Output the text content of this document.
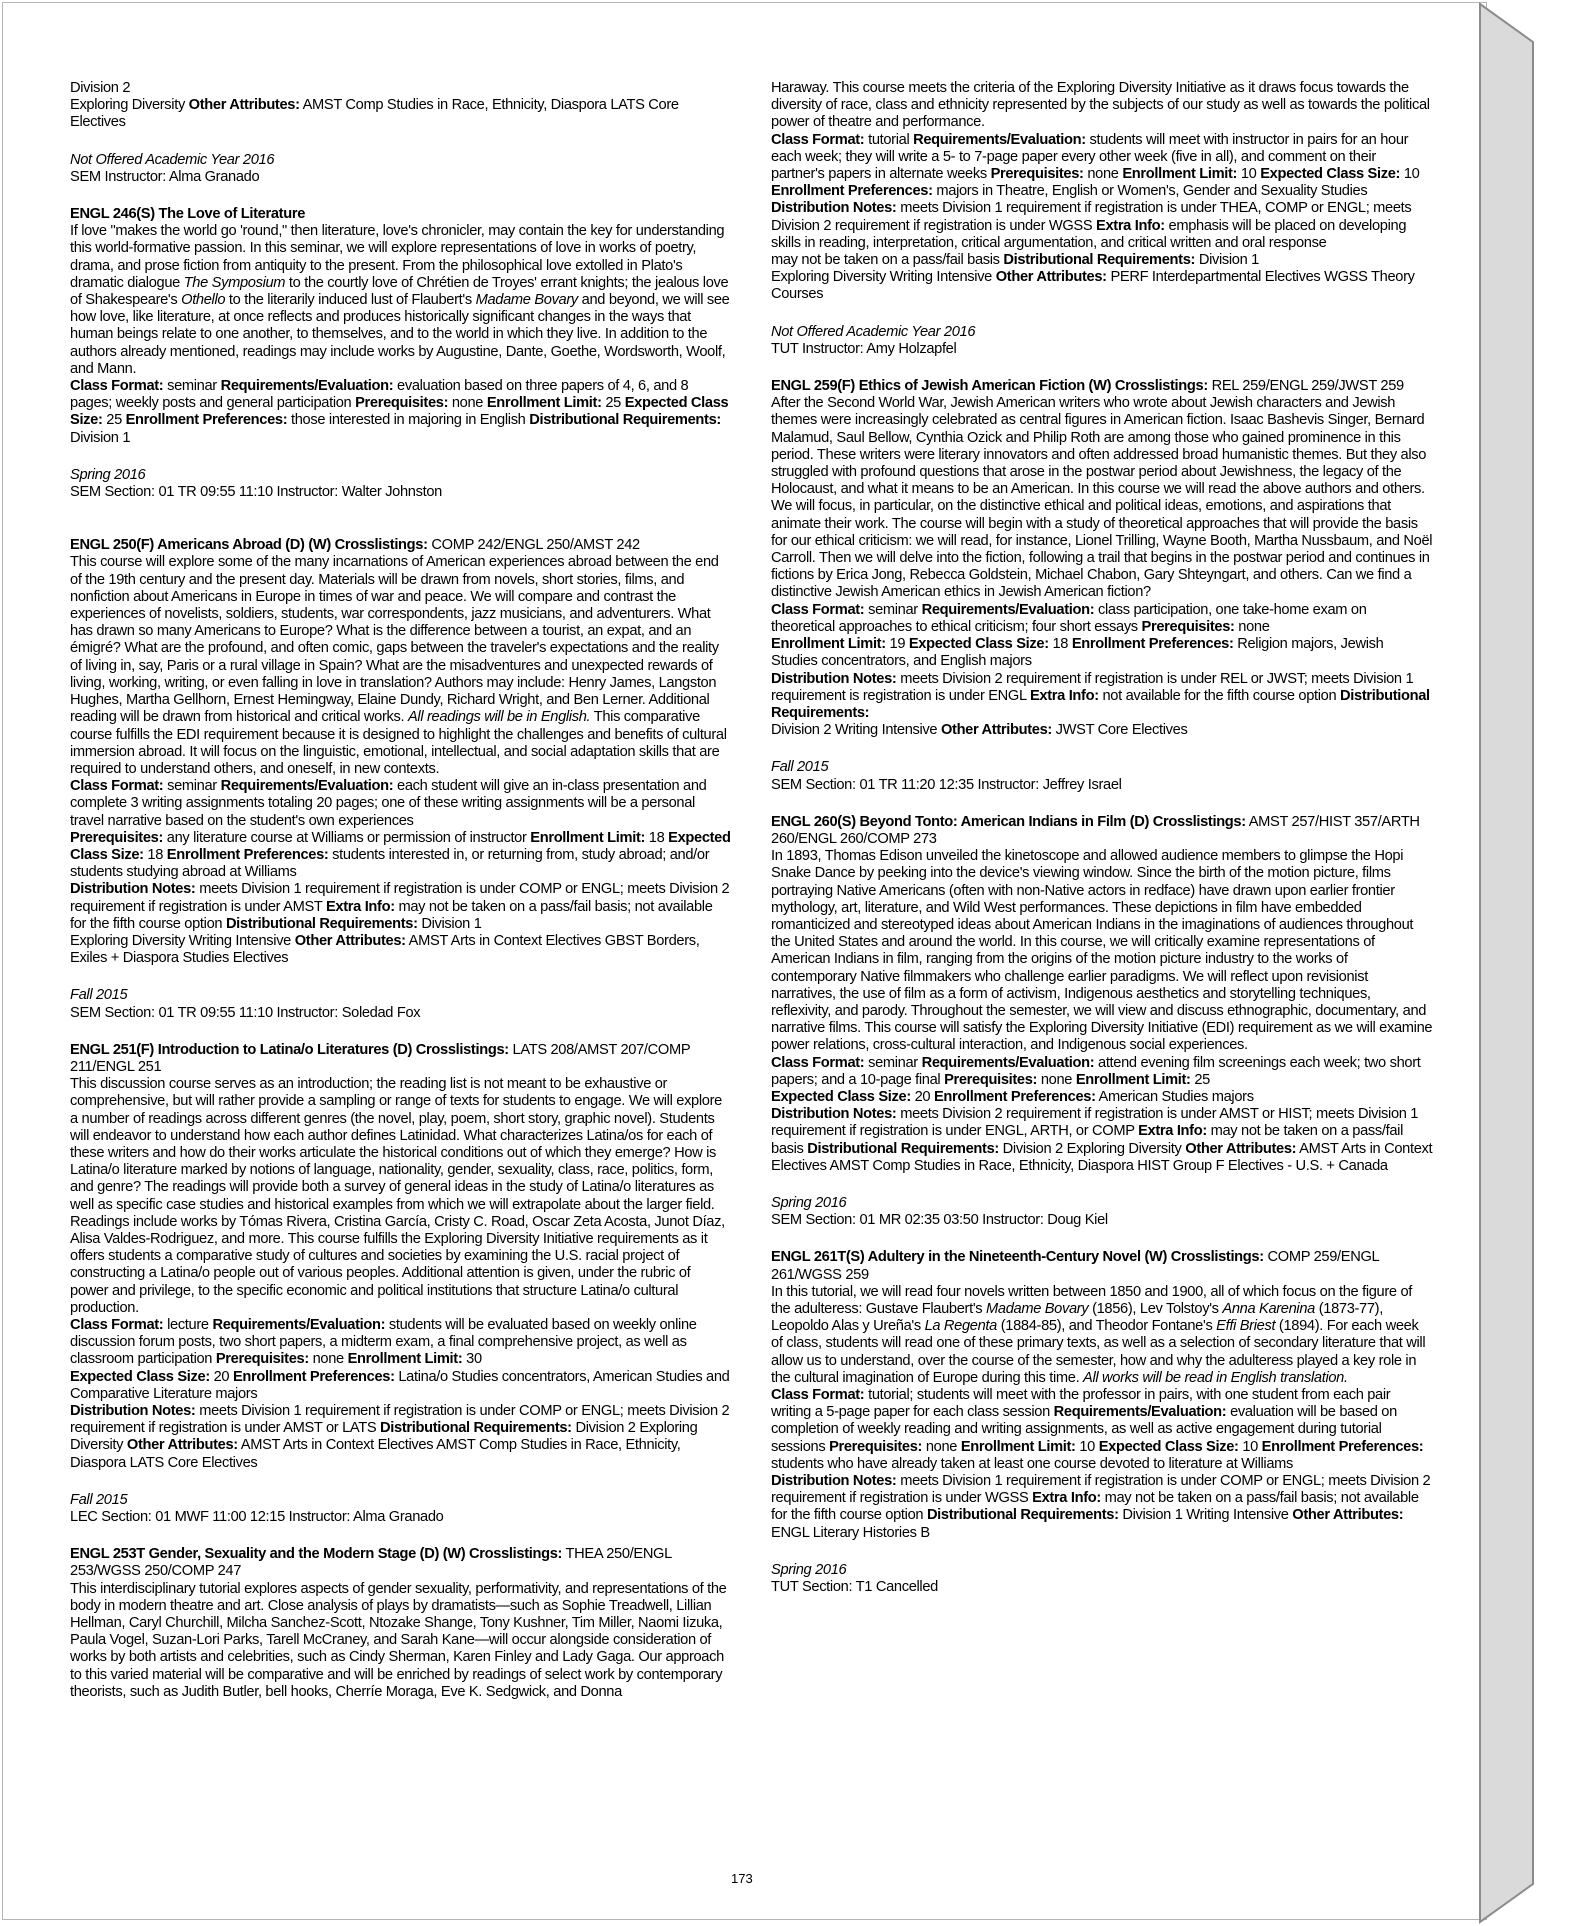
Division 2
Exploring Diversity Other Attributes: AMST Comp Studies in Race, Ethnicity, Diaspora LATS Core Electives
Not Offered Academic Year 2016
SEM Instructor: Alma Granado
ENGL 246(S) The Love of Literature
If love "makes the world go 'round," then literature, love's chronicler, may contain the key for understanding this world-formative passion. In this seminar, we will explore representations of love in works of poetry, drama, and prose fiction from antiquity to the present. From the philosophical love extolled in Plato's dramatic dialogue The Symposium to the courtly love of Chrétien de Troyes' errant knights; the jealous love of Shakespeare's Othello to the literarily induced lust of Flaubert's Madame Bovary and beyond, we will see how love, like literature, at once reflects and produces historically significant changes in the ways that human beings relate to one another, to themselves, and to the world in which they live. In addition to the authors already mentioned, readings may include works by Augustine, Dante, Goethe, Wordsworth, Woolf, and Mann.
Class Format: seminar Requirements/Evaluation: evaluation based on three papers of 4, 6, and 8 pages; weekly posts and general participation Prerequisites: none Enrollment Limit: 25 Expected Class Size: 25 Enrollment Preferences: those interested in majoring in English Distributional Requirements: Division 1
Spring 2016
SEM Section: 01 TR 09:55 11:10 Instructor: Walter Johnston
ENGL 250(F) Americans Abroad (D) (W) Crosslistings: COMP 242/ENGL 250/AMST 242
This course will explore some of the many incarnations of American experiences abroad between the end of the 19th century and the present day. Materials will be drawn from novels, short stories, films, and nonfiction about Americans in Europe in times of war and peace. We will compare and contrast the experiences of novelists, soldiers, students, war correspondents, jazz musicians, and adventurers. What has drawn so many Americans to Europe? What is the difference between a tourist, an expat, and an émigré? What are the profound, and often comic, gaps between the traveler's expectations and the reality of living in, say, Paris or a rural village in Spain? What are the misadventures and unexpected rewards of living, working, writing, or even falling in love in translation? Authors may include: Henry James, Langston Hughes, Martha Gellhorn, Ernest Hemingway, Elaine Dundy, Richard Wright, and Ben Lerner. Additional reading will be drawn from historical and critical works. All readings will be in English. This comparative course fulfills the EDI requirement because it is designed to highlight the challenges and benefits of cultural immersion abroad. It will focus on the linguistic, emotional, intellectual, and social adaptation skills that are required to understand others, and oneself, in new contexts.
Class Format: seminar Requirements/Evaluation: each student will give an in-class presentation and complete 3 writing assignments totaling 20 pages; one of these writing assignments will be a personal travel narrative based on the student's own experiences
Prerequisites: any literature course at Williams or permission of instructor Enrollment Limit: 18 Expected Class Size: 18 Enrollment Preferences: students interested in, or returning from, study abroad; and/or students studying abroad at Williams
Distribution Notes: meets Division 1 requirement if registration is under COMP or ENGL; meets Division 2 requirement if registration is under AMST Extra Info: may not be taken on a pass/fail basis; not available for the fifth course option Distributional Requirements: Division 1
Exploring Diversity Writing Intensive Other Attributes: AMST Arts in Context Electives GBST Borders, Exiles + Diaspora Studies Electives
Fall 2015
SEM Section: 01 TR 09:55 11:10 Instructor: Soledad Fox
ENGL 251(F) Introduction to Latina/o Literatures (D) Crosslistings: LATS 208/AMST 207/COMP 211/ENGL 251
This discussion course serves as an introduction; the reading list is not meant to be exhaustive or comprehensive, but will rather provide a sampling or range of texts for students to engage. We will explore a number of readings across different genres (the novel, play, poem, short story, graphic novel). Students will endeavor to understand how each author defines Latinidad. What characterizes Latina/os for each of these writers and how do their works articulate the historical conditions out of which they emerge? How is Latina/o literature marked by notions of language, nationality, gender, sexuality, class, race, politics, form, and genre? The readings will provide both a survey of general ideas in the study of Latina/o literatures as well as specific case studies and historical examples from which we will extrapolate about the larger field. Readings include works by Tómas Rivera, Cristina García, Cristy C. Road, Oscar Zeta Acosta, Junot Díaz, Alisa Valdes-Rodriguez, and more. This course fulfills the Exploring Diversity Initiative requirements as it offers students a comparative study of cultures and societies by examining the U.S. racial project of constructing a Latina/o people out of various peoples. Additional attention is given, under the rubric of power and privilege, to the specific economic and political institutions that structure Latina/o cultural production.
Class Format: lecture Requirements/Evaluation: students will be evaluated based on weekly online discussion forum posts, two short papers, a midterm exam, a final comprehensive project, as well as classroom participation Prerequisites: none Enrollment Limit: 30
Expected Class Size: 20 Enrollment Preferences: Latina/o Studies concentrators, American Studies and Comparative Literature majors
Distribution Notes: meets Division 1 requirement if registration is under COMP or ENGL; meets Division 2 requirement if registration is under AMST or LATS Distributional Requirements: Division 2 Exploring Diversity Other Attributes: AMST Arts in Context Electives AMST Comp Studies in Race, Ethnicity, Diaspora LATS Core Electives
Fall 2015
LEC Section: 01 MWF 11:00 12:15 Instructor: Alma Granado
ENGL 253T Gender, Sexuality and the Modern Stage (D) (W) Crosslistings: THEA 250/ENGL 253/WGSS 250/COMP 247
This interdisciplinary tutorial explores aspects of gender sexuality, performativity, and representations of the body in modern theatre and art. Close analysis of plays by dramatists—such as Sophie Treadwell, Lillian Hellman, Caryl Churchill, Milcha Sanchez-Scott, Ntozake Shange, Tony Kushner, Tim Miller, Naomi Iizuka, Paula Vogel, Suzan-Lori Parks, Tarell McCraney, and Sarah Kane—will occur alongside consideration of works by both artists and celebrities, such as Cindy Sherman, Karen Finley and Lady Gaga. Our approach to this varied material will be comparative and will be enriched by readings of select work by contemporary theorists, such as Judith Butler, bell hooks, Cherríe Moraga, Eve K. Sedgwick, and Donna
Haraway. This course meets the criteria of the Exploring Diversity Initiative as it draws focus towards the diversity of race, class and ethnicity represented by the subjects of our study as well as towards the political power of theatre and performance.
Class Format: tutorial Requirements/Evaluation: students will meet with instructor in pairs for an hour each week; they will write a 5- to 7-page paper every other week (five in all), and comment on their partner's papers in alternate weeks Prerequisites: none Enrollment Limit: 10 Expected Class Size: 10 Enrollment Preferences: majors in Theatre, English or Women's, Gender and Sexuality Studies
Distribution Notes: meets Division 1 requirement if registration is under THEA, COMP or ENGL; meets Division 2 requirement if registration is under WGSS Extra Info: emphasis will be placed on developing skills in reading, interpretation, critical argumentation, and critical written and oral response
may not be taken on a pass/fail basis Distributional Requirements: Division 1
Exploring Diversity Writing Intensive Other Attributes: PERF Interdepartmental Electives WGSS Theory Courses
Not Offered Academic Year 2016
TUT Instructor: Amy Holzapfel
ENGL 259(F) Ethics of Jewish American Fiction (W) Crosslistings: REL 259/ENGL 259/JWST 259
After the Second World War, Jewish American writers who wrote about Jewish characters and Jewish themes were increasingly celebrated as central figures in American fiction. Isaac Bashevis Singer, Bernard Malamud, Saul Bellow, Cynthia Ozick and Philip Roth are among those who gained prominence in this period. These writers were literary innovators and often addressed broad humanistic themes. But they also struggled with profound questions that arose in the postwar period about Jewishness, the legacy of the Holocaust, and what it means to be an American. In this course we will read the above authors and others. We will focus, in particular, on the distinctive ethical and political ideas, emotions, and aspirations that animate their work. The course will begin with a study of theoretical approaches that will provide the basis for our ethical criticism: we will read, for instance, Lionel Trilling, Wayne Booth, Martha Nussbaum, and Noël Carroll. Then we will delve into the fiction, following a trail that begins in the postwar period and continues in fictions by Erica Jong, Rebecca Goldstein, Michael Chabon, Gary Shteyngart, and others. Can we find a distinctive Jewish American ethics in Jewish American fiction?
Class Format: seminar Requirements/Evaluation: class participation, one take-home exam on theoretical approaches to ethical criticism; four short essays Prerequisites: none
Enrollment Limit: 19 Expected Class Size: 18 Enrollment Preferences: Religion majors, Jewish Studies concentrators, and English majors
Distribution Notes: meets Division 2 requirement if registration is under REL or JWST; meets Division 1 requirement is registration is under ENGL Extra Info: not available for the fifth course option Distributional Requirements:
Division 2 Writing Intensive Other Attributes: JWST Core Electives
Fall 2015
SEM Section: 01 TR 11:20 12:35 Instructor: Jeffrey Israel
ENGL 260(S) Beyond Tonto: American Indians in Film (D) Crosslistings: AMST 257/HIST 357/ARTH 260/ENGL 260/COMP 273
In 1893, Thomas Edison unveiled the kinetoscope and allowed audience members to glimpse the Hopi Snake Dance by peeking into the device's viewing window. Since the birth of the motion picture, films portraying Native Americans (often with non-Native actors in redface) have drawn upon earlier frontier mythology, art, literature, and Wild West performances. These depictions in film have embedded romanticized and stereotyped ideas about American Indians in the imaginations of audiences throughout the United States and around the world. In this course, we will critically examine representations of American Indians in film, ranging from the origins of the motion picture industry to the works of contemporary Native filmmakers who challenge earlier paradigms. We will reflect upon revisionist narratives, the use of film as a form of activism, Indigenous aesthetics and storytelling techniques, reflexivity, and parody. Throughout the semester, we will view and discuss ethnographic, documentary, and narrative films. This course will satisfy the Exploring Diversity Initiative (EDI) requirement as we will examine power relations, cross-cultural interaction, and Indigenous social experiences.
Class Format: seminar Requirements/Evaluation: attend evening film screenings each week; two short papers; and a 10-page final Prerequisites: none Enrollment Limit: 25
Expected Class Size: 20 Enrollment Preferences: American Studies majors
Distribution Notes: meets Division 2 requirement if registration is under AMST or HIST; meets Division 1 requirement if registration is under ENGL, ARTH, or COMP Extra Info: may not be taken on a pass/fail basis Distributional Requirements: Division 2 Exploring Diversity Other Attributes: AMST Arts in Context Electives AMST Comp Studies in Race, Ethnicity, Diaspora HIST Group F Electives - U.S. + Canada
Spring 2016
SEM Section: 01 MR 02:35 03:50 Instructor: Doug Kiel
ENGL 261T(S) Adultery in the Nineteenth-Century Novel (W) Crosslistings: COMP 259/ENGL 261/WGSS 259
In this tutorial, we will read four novels written between 1850 and 1900, all of which focus on the figure of the adulteress: Gustave Flaubert's Madame Bovary (1856), Lev Tolstoy's Anna Karenina (1873-77), Leopoldo Alas y Ureña's La Regenta (1884-85), and Theodor Fontane's Effi Briest (1894). For each week of class, students will read one of these primary texts, as well as a selection of secondary literature that will allow us to understand, over the course of the semester, how and why the adulteress played a key role in the cultural imagination of Europe during this time. All works will be read in English translation.
Class Format: tutorial; students will meet with the professor in pairs, with one student from each pair writing a 5-page paper for each class session Requirements/Evaluation: evaluation will be based on completion of weekly reading and writing assignments, as well as active engagement during tutorial sessions Prerequisites: none Enrollment Limit: 10 Expected Class Size: 10 Enrollment Preferences: students who have already taken at least one course devoted to literature at Williams
Distribution Notes: meets Division 1 requirement if registration is under COMP or ENGL; meets Division 2 requirement if registration is under WGSS Extra Info: may not be taken on a pass/fail basis; not available for the fifth course option Distributional Requirements: Division 1 Writing Intensive Other Attributes: ENGL Literary Histories B
Spring 2016
TUT Section: T1 Cancelled
173
